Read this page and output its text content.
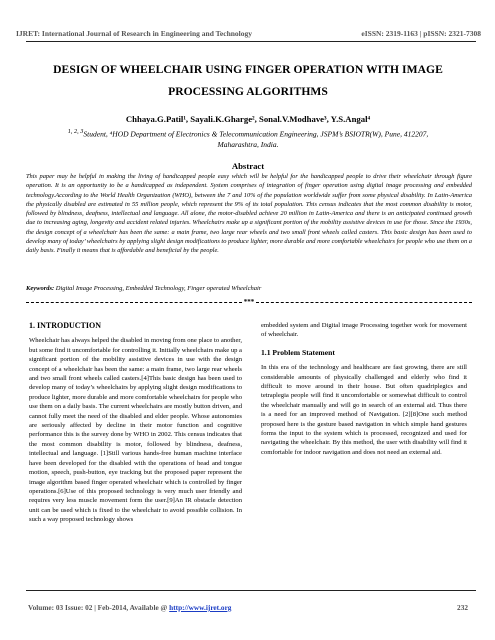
IJRET: International Journal of Research in Engineering and Technology	eISSN: 2319-1163 | pISSN: 2321-7308
DESIGN OF WHEELCHAIR USING FINGER OPERATION WITH IMAGE
PROCESSING ALGORITHMS
Chhaya.G.Patil¹, Sayali.K.Gharge², Sonal.V.Modhave³, Y.S.Angal⁴
$^{1, 2, 3}$Student, ⁴HOD Department of Electronics & Telecommunication Engineering, JSPM’s BSIOTR(W), Pune, 412207,
Maharashtra, India.
Abstract
This paper may be helpful in making the living of handicapped people easy which will be helpful for the handicapped people to drive their wheelchair through figure operation. It is an opportunity to be a handicapped as independent. System comprises of integration of finger operation using digital image processing and embedded technology.According to the World Health Organization (WHO), between the 7 and 10% of the population worldwide suffer from some physical disability. In Latin-America the physically disabled are estimated in 55 million people, which represent the 9% of its total population. This census indicates that the most common disability is motor, followed by blindness, deafness, intellectual and language. All alone, the motor-disabled achieve 20 million in Latin-America and there is an anticipated continued growth due to increasing aging, longevity and accident related injuries. Wheelchairs make up a significant portion of the mobility assistive devices in use for those. Since the 1930s, the design concept of a wheelchair has been the same: a main frame, two large rear wheels and two small front wheels called casters. This basic design has been used to develop many of today’ wheelchairs by applying slight design modifications to produce lighter, more durable and more comfortable wheelchairs for people who use them on a daily basis. Finally it means that is affordable and beneficial by the people.
Keywords: Digital Image Processing, Embedded Technology, Finger operated Wheelchair
***
1. INTRODUCTION

Wheelchair has always helped the disabled in moving from one place to another, but some find it uncomfortable for controlling it. Initially wheelchairs make up a significant portion of the mobility assistive devices in use with the design concept of a wheelchair has been the same: a main frame, two large rear wheels and two small front wheels called casters.[4]This basic design has been used to develop many of today’s wheelchairs by applying slight design modifications to produce lighter, more durable and more comfortable wheelchairs for people who use them on a daily basis. The current wheelchairs are mostly button driven, and cannot fully meet the need of the disabled and elder people. Whose autonomies are seriously affected by decline in their motor function and cognitive performance this is the survey done by WHO in 2002. This census indicates that the most common disability is motor, followed by blindness, deafness, intellectual and language. [1]Still various hands-free human machine interface have been developed for the disabled with the operations of head and tongue motion, speech, push-button, eye tracking but the proposed paper represent the image algorithm based finger operated wheelchair which is controlled by finger operations.[6]Use of this proposed technology is very much user friendly and requires very less muscle movement form the user.[9]An IR obstacle detection unit can be used which is fixed to the wheelchair to avoid possible collision. In such a way proposed technology shows

embedded system and Digital image Processing together work for movement of wheelchair.

1.1 Problem Statement

In this era of the technology and healthcare are fast growing, there are still considerable amounts of physically challenged and elderly who find it difficult to move around in their house. But often quadriplegics and tetraplegia people will find it uncomfortable or somewhat difficult to control the wheelchair manually and will go in search of an external aid. Thus there is a need for an improved method of Navigation. [2][8]One such method proposed here is the gesture based navigation in which simple hand gestures forms the input to the system which is processed, recognized and used for navigating the wheelchair. By this method, the user with disability will find it comfortable for indoor navigation and does not need an external aid.

Volume: 03 Issue: 02 | Feb-2014, Available @ http://www.ijret.org	232
